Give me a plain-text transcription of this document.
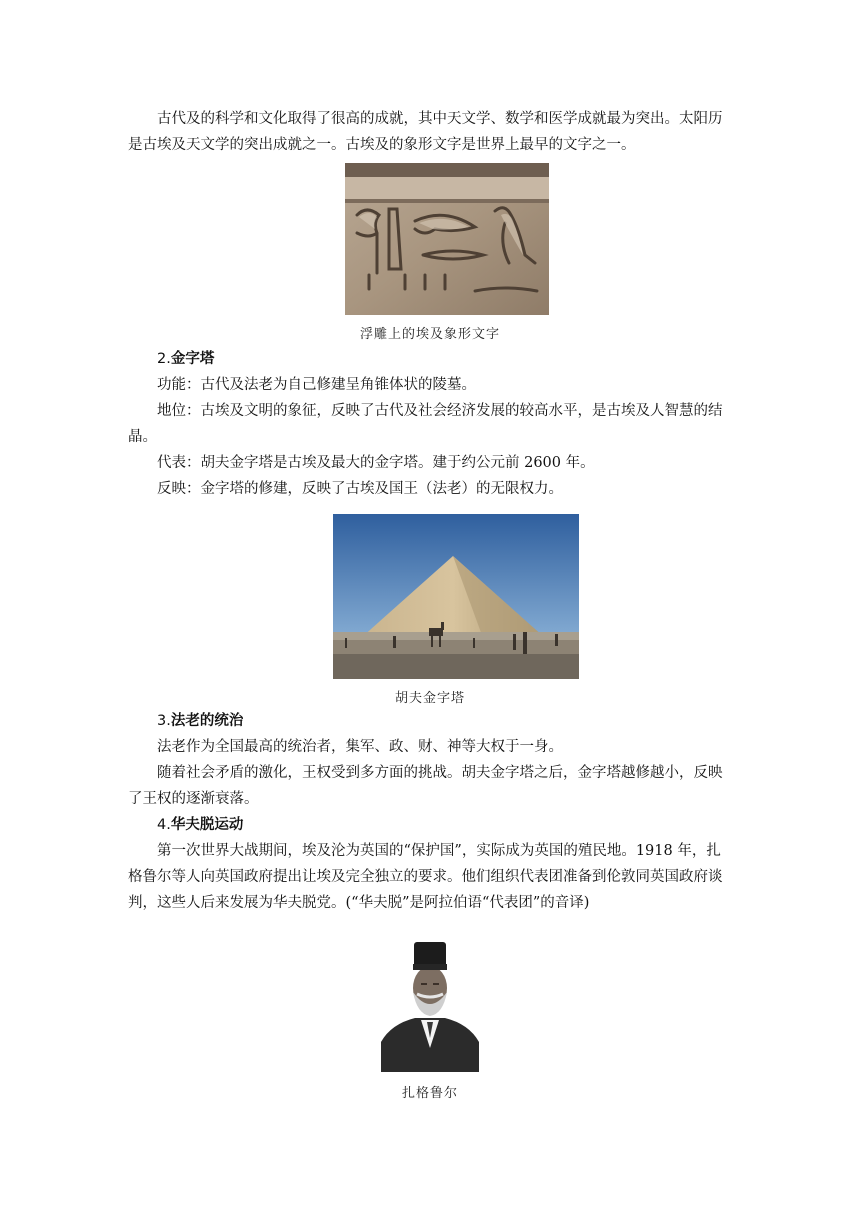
古代及的科学和文化取得了很高的成就，其中天文学、数学和医学成就最为突出。太阳历是古埃及天文学的突出成就之一。古埃及的象形文字是世界上最早的文字之一。

浮雕上的埃及象形文字

2.金字塔

功能：古代及法老为自己修建呈角锥体状的陵墓。

地位：古埃及文明的象征，反映了古代及社会经济发展的较高水平，是古埃及人智慧的结晶。

代表：胡夫金字塔是古埃及最大的金字塔。建于约公元前 2600 年。

反映：金字塔的修建，反映了古埃及国王（法老）的无限权力。

胡夫金字塔

3.法老的统治

法老作为全国最高的统治者，集军、政、财、神等大权于一身。

随着社会矛盾的激化，王权受到多方面的挑战。胡夫金字塔之后，金字塔越修越小，反映了王权的逐渐衰落。

4.华夫脱运动

第一次世界大战期间，埃及沦为英国的“保护国”，实际成为英国的殖民地。1918 年，扎格鲁尔等人向英国政府提出让埃及完全独立的要求。他们组织代表团准备到伦敦同英国政府谈判，这些人后来发展为华夫脱党。(“华夫脱”是阿拉伯语“代表团”的音译)

扎格鲁尔
